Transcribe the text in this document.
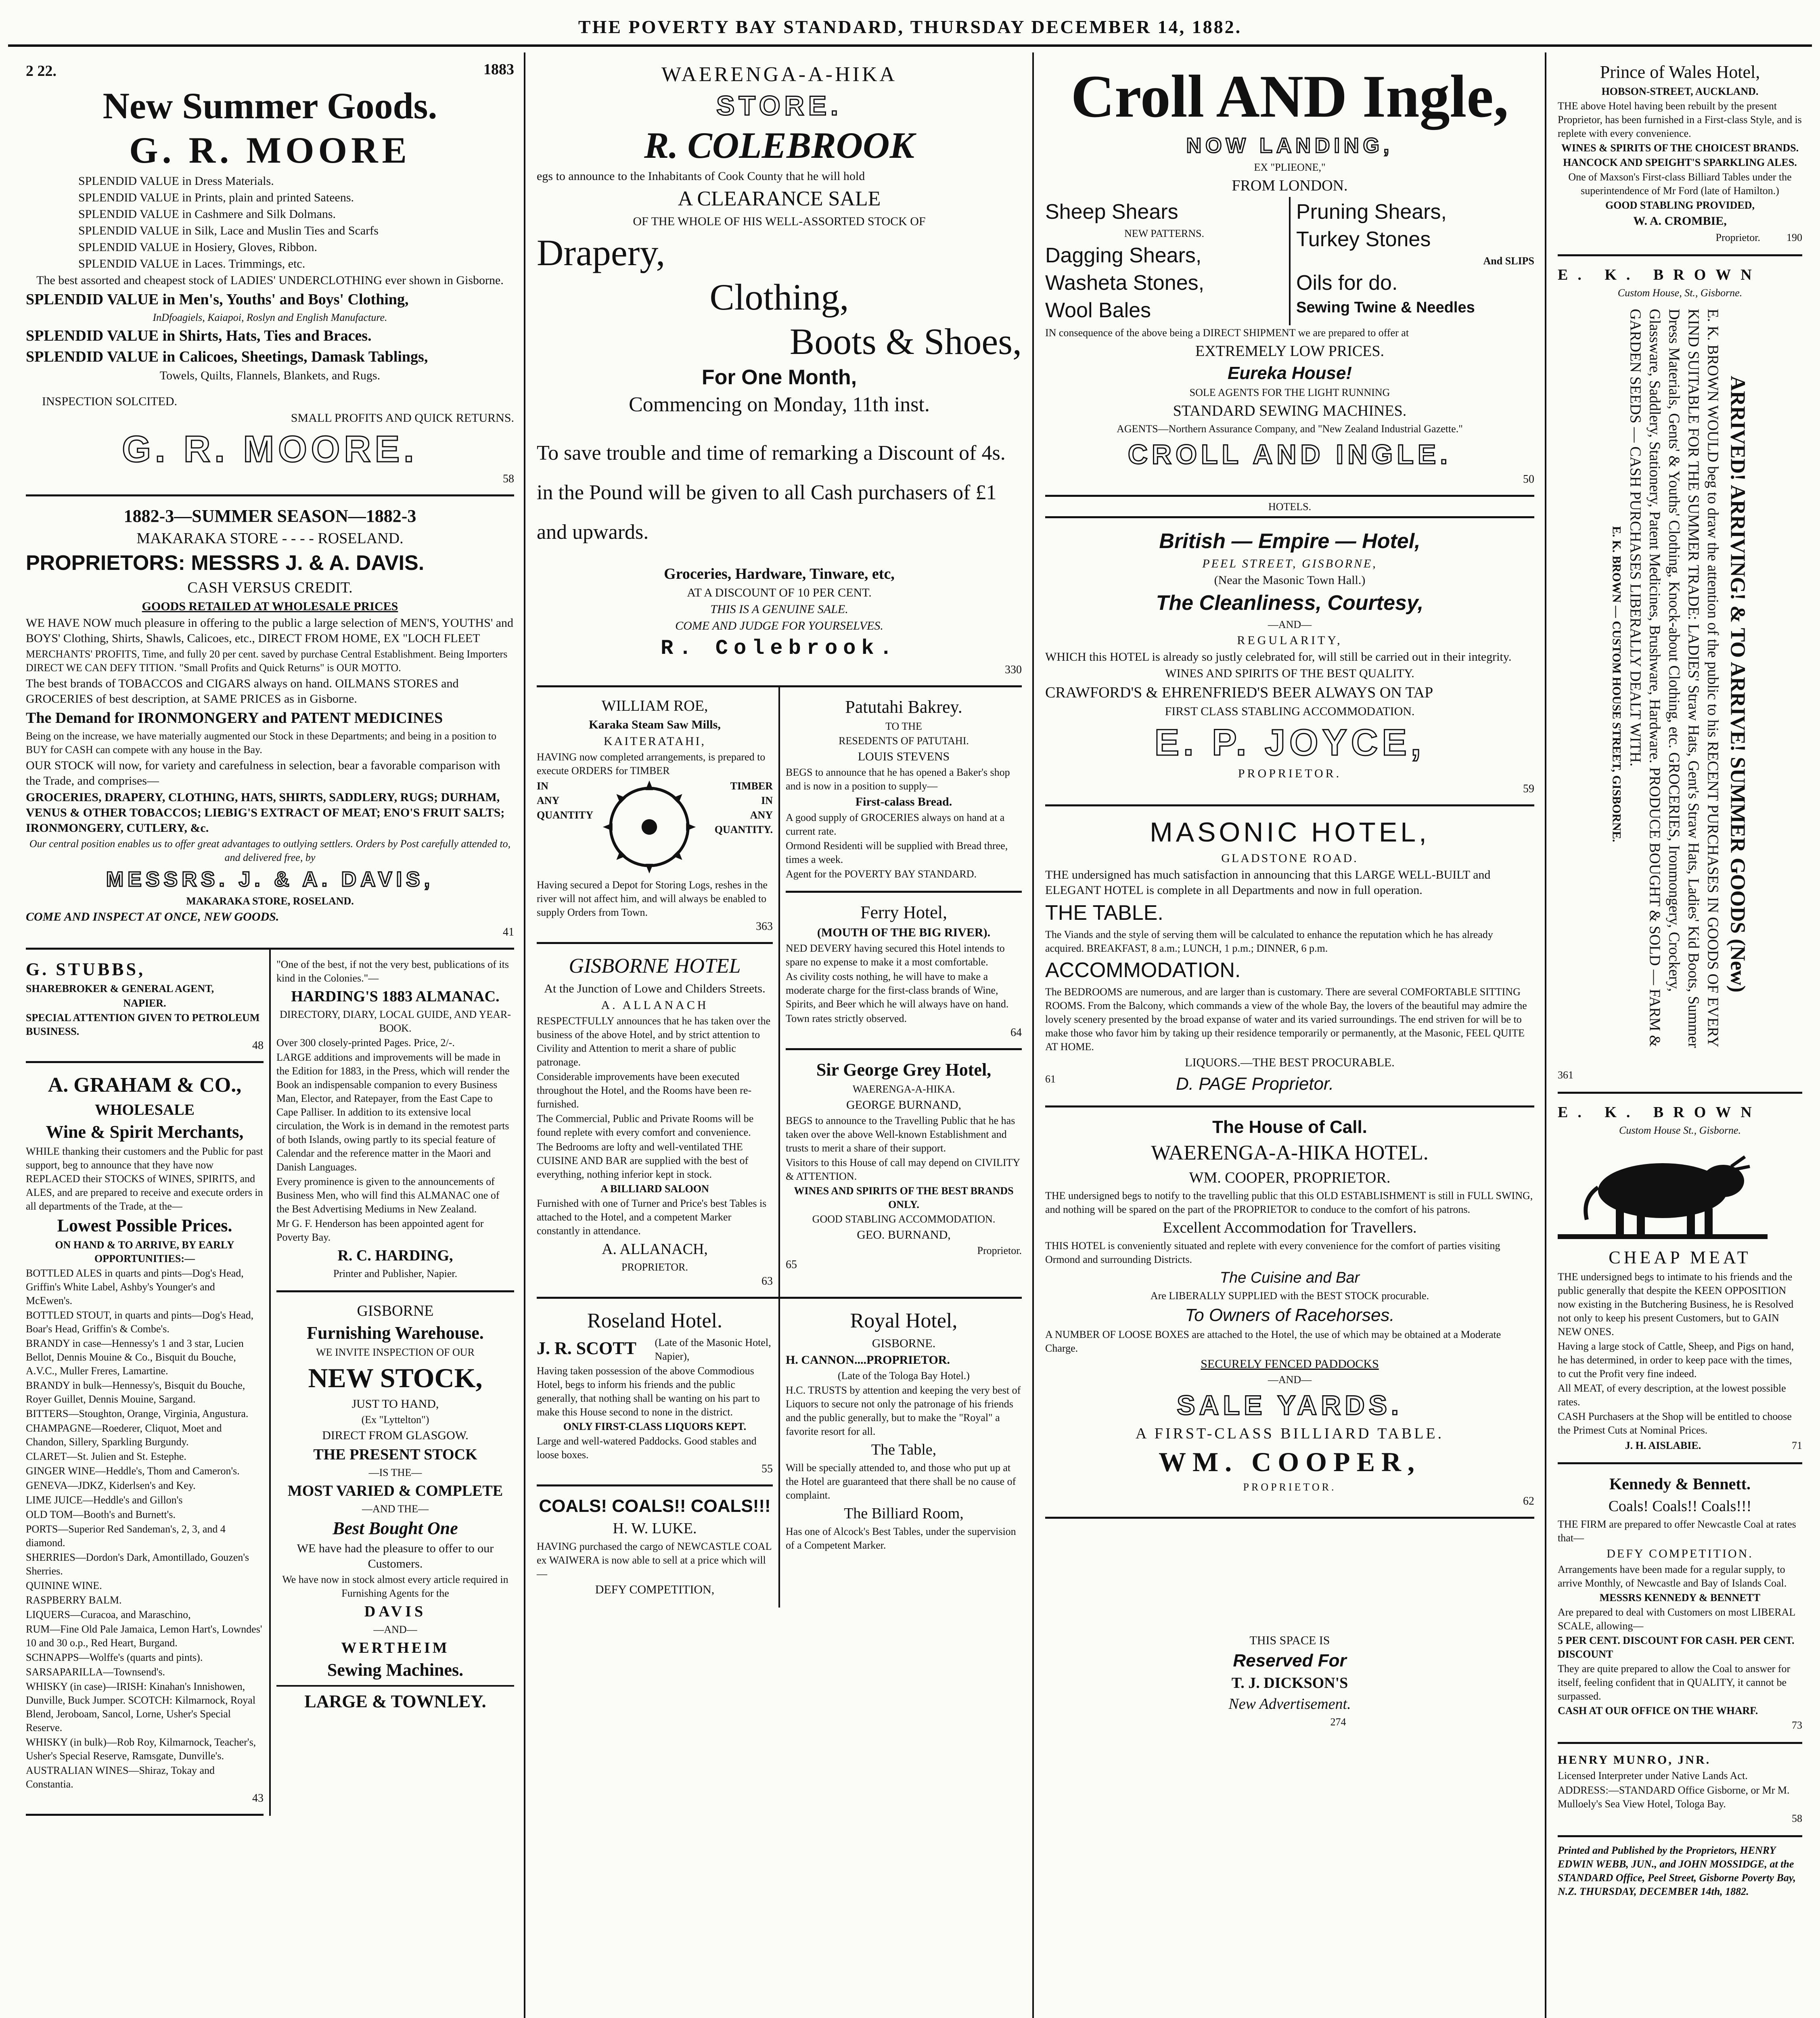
THE POVERTY BAY STANDARD, THURSDAY DECEMBER 14, 1882.
2 22.	1883
New Summer Goods.
G. R. MOORE
SPLENDID VALUE in Dress Materials.
SPLENDID VALUE in Prints, plain and printed Sateens.
SPLENDID VALUE in Cashmere and Silk Dolmans.
SPLENDID VALUE in Silk, Lace and Muslin Ties and Scarfs
SPLENDID VALUE in Hosiery, Gloves, Ribbon.
SPLENDID VALUE in Laces. Trimmings, etc.
The best assorted and cheapest stock of LADIES' UNDERCLOTHING ever shown in Gisborne.
SPLENDID VALUE in Men's, Youths' and Boys' Clothing,
InDfoagiels, Kaiapoi, Roslyn and English Manufacture.
SPLENDID VALUE in Shirts, Hats, Ties and Braces.
SPLENDID VALUE in Calicoes, Sheetings, Damask Tablings,
Towels, Quilts, Flannels, Blankets, and Rugs.
INSPECTION SOLCITED.
SMALL PROFITS AND QUICK RETURNS.
G. R. MOORE.
58
1882-3—SUMMER SEASON—1882-3
MAKARAKA STORE - - - - ROSELAND.
PROPRIETORS: MESSRS J. & A. DAVIS.
CASH VERSUS CREDIT.
GOODS RETAILED AT WHOLESALE PRICES
WE HAVE NOW much pleasure in offering to the public a large selection of MEN'S, YOUTHS' and BOYS' Clothing, Shirts, Shawls, Calicoes, etc., DIRECT FROM HOME, EX "LOCH FLEET
MERCHANTS' PROFITS, Time, and fully 20 per cent. saved by purchase Central Establishment. Being Importers DIRECT WE CAN DEFY TITION. "Small Profits and Quick Returns" is OUR MOTTO.
The best brands of TOBACCOS and CIGARS always on hand. OILMANS STORES and GROCERIES of best description, at SAME PRICES as in Gisborne.
The Demand for IRONMONGERY and PATENT MEDICINES
Being on the increase, we have materially augmented our Stock in these Departments; and being in a position to BUY for CASH can compete with any house in the Bay.
OUR STOCK will now, for variety and carefulness in selection, bear a favorable comparison with the Trade, and comprises—
GROCERIES, DRAPERY, CLOTHING, HATS, SHIRTS, SADDLERY, RUGS; DURHAM, VENUS & OTHER TOBACCOS; LIEBIG'S EXTRACT OF MEAT; ENO'S FRUIT SALTS; IRONMONGERY, CUTLERY, &c.
Our central position enables us to offer great advantages to outlying settlers. Orders by Post carefully attended to, and delivered free, by
MESSRS. J. & A. DAVIS,
MAKARAKA STORE, ROSELAND.
COME AND INSPECT AT ONCE, NEW GOODS.
41
G. STUBBS,
SHAREBROKER & GENERAL AGENT,
NAPIER.
SPECIAL ATTENTION GIVEN TO PETROLEUM BUSINESS.
48
A. GRAHAM & CO.,
WHOLESALE
Wine & Spirit Merchants,
WHILE thanking their customers and the Public for past support, beg to announce that they have now REPLACED their STOCKS of WINES, SPIRITS, and ALES, and are prepared to receive and execute orders in all departments of the Trade, at the—
Lowest Possible Prices.
ON HAND & TO ARRIVE, BY EARLY OPPORTUNITIES:—
BOTTLED ALES in quarts and pints—Dog's Head, Griffin's White Label, Ashby's Younger's and McEwen's.
BOTTLED STOUT, in quarts and pints—Dog's Head, Boar's Head, Griffin's & Combe's.
BRANDY in case—Hennessy's 1 and 3 star, Lucien Bellot, Dennis Mouine & Co., Bisquit du Bouche, A.V.C., Muller Freres, Lamartine.
BRANDY in bulk—Hennessy's, Bisquit du Bouche, Royer Guillet, Dennis Mouine, Sargand.
BITTERS—Stoughton, Orange, Virginia, Angustura.
CHAMPAGNE—Roederer, Cliquot, Moet and Chandon, Sillery, Sparkling Burgundy.
CLARET—St. Julien and St. Estephe.
GINGER WINE—Heddle's, Thom and Cameron's.
GENEVA—JDKZ, Kiderlsen's and Key.
LIME JUICE—Heddle's and Gillon's
OLD TOM—Booth's and Burnett's.
PORTS—Superior Red Sandeman's, 2, 3, and 4 diamond.
SHERRIES—Dordon's Dark, Amontillado, Gouzen's Sherries.
QUININE WINE.
RASPBERRY BALM.
LIQUERS—Curacoa, and Maraschino,
RUM—Fine Old Pale Jamaica, Lemon Hart's, Lowndes' 10 and 30 o.p., Red Heart, Burgand.
SCHNAPPS—Wolffe's (quarts and pints).
SARSAPARILLA—Townsend's.
WHISKY (in case)—IRISH: Kinahan's Innishowen, Dunville, Buck Jumper. SCOTCH: Kilmarnock, Royal Blend, Jeroboam, Sancol, Lorne, Usher's Special Reserve.
WHISKY (in bulk)—Rob Roy, Kilmarnock, Teacher's, Usher's Special Reserve, Ramsgate, Dunville's.
AUSTRALIAN WINES—Shiraz, Tokay and Constantia.
43
"One of the best, if not the very best, publications of its kind in the Colonies."—
HARDING'S 1883 ALMANAC.
DIRECTORY, DIARY, LOCAL GUIDE, AND YEAR-BOOK.
Over 300 closely-printed Pages. Price, 2/-.
LARGE additions and improvements will be made in the Edition for 1883, in the Press, which will render the Book an indispensable companion to every Business Man, Elector, and Ratepayer, from the East Cape to Cape Palliser. In addition to its extensive local circulation, the Work is in demand in the remotest parts of both Islands, owing partly to its special feature of Calendar and the reference matter in the Maori and Danish Languages.
Every prominence is given to the announcements of Business Men, who will find this ALMANAC one of the Best Advertising Mediums in New Zealand.
Mr G. F. Henderson has been appointed agent for Poverty Bay.
R. C. HARDING,
Printer and Publisher, Napier.
GISBORNE
Furnishing Warehouse.
WE INVITE INSPECTION OF OUR
NEW STOCK,
JUST TO HAND,
(Ex "Lyttelton")
DIRECT FROM GLASGOW.
THE PRESENT STOCK
—IS THE—
MOST VARIED & COMPLETE
—AND THE—
Best Bought One
WE have had the pleasure to offer to our Customers.
We have now in stock almost every article required in Furnishing Agents for the
DAVIS
—AND—
WERTHEIM
Sewing Machines.
LARGE & TOWNLEY.
WAERENGA-A-HIKA
STORE.
R. COLEBROOK
egs to announce to the Inhabitants of Cook County that he will hold
A CLEARANCE SALE
OF THE WHOLE OF HIS WELL-ASSORTED STOCK OF
Drapery,
Clothing,
Boots & Shoes,
For One Month,
Commencing on Monday, 11th inst.
To save trouble and time of remarking a Discount of 4s. in the Pound will be given to all Cash purchasers of £1 and upwards.
Groceries, Hardware, Tinware, etc,
AT A DISCOUNT OF 10 PER CENT.
THIS IS A GENUINE SALE.
COME AND JUDGE FOR YOURSELVES.
R. Colebrook.
330
WILLIAM ROE,
Karaka Steam Saw Mills,
KAITERATAHI,
HAVING now completed arrangements, is prepared to execute ORDERS for TIMBER
IN
ANY
QUANTITY
TIMBER
IN
ANY
QUANTITY.
Having secured a Depot for Storing Logs, reshes in the river will not affect him, and will always be enabled to supply Orders from Town.
363
GISBORNE HOTEL
At the Junction of Lowe and Childers Streets.
A. ALLANACH
RESPECTFULLY announces that he has taken over the business of the above Hotel, and by strict attention to Civility and Attention to merit a share of public patronage.
Considerable improvements have been executed throughout the Hotel, and the Rooms have been re-furnished.
The Commercial, Public and Private Rooms will be found replete with every comfort and convenience.
The Bedrooms are lofty and well-ventilated THE CUISINE AND BAR are supplied with the best of everything, nothing inferior kept in stock.
A BILLIARD SALOON
Furnished with one of Turner and Price's best Tables is attached to the Hotel, and a competent Marker constantly in attendance.
A. ALLANACH,
PROPRIETOR.
63
Patutahi Bakrey.
TO THE
RESEDENTS OF PATUTAHI.
LOUIS STEVENS
BEGS to announce that he has opened a Baker's shop and is now in a position to supply—
First-calass Bread.
A good supply of GROCERIES always on hand at a current rate.
Ormond Residenti will be supplied with Bread three, times a week.
Agent for the POVERTY BAY STANDARD.
Ferry Hotel,
(MOUTH OF THE BIG RIVER).
NED DEVERY having secured this Hotel intends to spare no expense to make it a most comfortable.
As civility costs nothing, he will have to make a moderate charge for the first-class brands of Wine, Spirits, and Beer which he will always have on hand.
Town rates strictly observed.
64
Sir George Grey Hotel,
WAERENGA-A-HIKA.
GEORGE BURNAND,
BEGS to announce to the Travelling Public that he has taken over the above Well-known Establishment and trusts to merit a share of their support.
Visitors to this House of call may depend on CIVILITY & ATTENTION.
WINES AND SPIRITS OF THE BEST BRANDS ONLY.
GOOD STABLING ACCOMMODATION.
GEO. BURNAND,
Proprietor.
65
Roseland Hotel.
J. R. SCOTT	(Late of the Masonic Hotel, Napier),
Having taken possession of the above Commodious Hotel, begs to inform his friends and the public generally, that nothing shall be wanting on his part to make this House second to none in the district.
ONLY FIRST-CLASS LIQUORS KEPT.
Large and well-watered Paddocks. Good stables and loose boxes.
55
COALS! COALS!! COALS!!!
H. W. LUKE.
HAVING purchased the cargo of NEWCASTLE COAL ex WAIWERA is now able to sell at a price which will—
DEFY COMPETITION,
Royal Hotel,
GISBORNE.
H. CANNON....PROPRIETOR.
(Late of the Tologa Bay Hotel.)
H.C. TRUSTS by attention and keeping the very best of Liquors to secure not only the patronage of his friends and the public generally, but to make the "Royal" a favorite resort for all.
The Table,
Will be specially attended to, and those who put up at the Hotel are guaranteed that there shall be no cause of complaint.
The Billiard Room,
Has one of Alcock's Best Tables, under the supervision of a Competent Marker.
Croll AND Ingle,
NOW LANDING,
EX "PLIEONE,"
FROM LONDON.
Sheep Shears
NEW PATTERNS.
Dagging Shears,
Washeta Stones,
Wool Bales
Pruning Shears,
Turkey Stones
And SLIPS
Oils for do.
Sewing Twine & Needles
IN consequence of the above being a DIRECT SHIPMENT we are prepared to offer at
EXTREMELY LOW PRICES.
Eureka House!
SOLE AGENTS FOR THE LIGHT RUNNING
STANDARD SEWING MACHINES.
AGENTS—Northern Assurance Company, and "New Zealand Industrial Gazette."
CROLL AND INGLE.
50
HOTELS.
British — Empire — Hotel,
PEEL STREET, GISBORNE,
(Near the Masonic Town Hall.)
The Cleanliness, Courtesy,
—AND—
REGULARITY,
WHICH this HOTEL is already so justly celebrated for, will still be carried out in their integrity.
WINES AND SPIRITS OF THE BEST QUALITY.
CRAWFORD'S & EHRENFRIED'S BEER ALWAYS ON TAP
FIRST CLASS STABLING ACCOMMODATION.
E. P. JOYCE,
PROPRIETOR.
59
MASONIC HOTEL,
GLADSTONE ROAD.
THE undersigned has much satisfaction in announcing that this LARGE WELL-BUILT and ELEGANT HOTEL is complete in all Departments and now in full operation.
THE TABLE.
The Viands and the style of serving them will be calculated to enhance the reputation which he has already acquired. BREAKFAST, 8 a.m.; LUNCH, 1 p.m.; DINNER, 6 p.m.
ACCOMMODATION.
The BEDROOMS are numerous, and are larger than is customary. There are several COMFORTABLE SITTING ROOMS. From the Balcony, which commands a view of the whole Bay, the lovers of the beautiful may admire the lovely scenery presented by the broad expanse of water and its varied surroundings. The end striven for will be to make those who favor him by taking up their residence temporarily or permanently, at the Masonic, FEEL QUITE AT HOME.
LIQUORS.—THE BEST PROCURABLE.
61	D. PAGE Proprietor.
The House of Call.
WAERENGA-A-HIKA HOTEL.
WM. COOPER, PROPRIETOR.
THE undersigned begs to notify to the travelling public that this OLD ESTABLISHMENT is still in FULL SWING, and nothing will be spared on the part of the PROPRIETOR to conduce to the comfort of his patrons.
Excellent Accommodation for Travellers.
THIS HOTEL is conveniently situated and replete with every convenience for the comfort of parties visiting Ormond and surrounding Districts.
The Cuisine and Bar
Are LIBERALLY SUPPLIED with the BEST STOCK procurable.
To Owners of Racehorses.
A NUMBER OF LOOSE BOXES are attached to the Hotel, the use of which may be obtained at a Moderate Charge.
SECURELY FENCED PADDOCKS
—AND—
SALE YARDS.
A FIRST-CLASS BILLIARD TABLE.
WM. COOPER,
PROPRIETOR.
62
THIS SPACE IS
Reserved For
T. J. DICKSON'S
New Advertisement.
274
Prince of Wales Hotel,
HOBSON-STREET, AUCKLAND.
THE above Hotel having been rebuilt by the present Proprietor, has been furnished in a First-class Style, and is replete with every convenience.
WINES & SPIRITS OF THE CHOICEST BRANDS.
HANCOCK AND SPEIGHT'S SPARKLING ALES.
One of Maxson's First-class Billiard Tables under the superintendence of Mr Ford (late of Hamilton.)
GOOD STABLING PROVIDED,
W. A. CROMBIE,
Proprietor.	190
E. K. BROWN
Custom House, St., Gisborne.
ARRIVED! ARRIVING! & TO ARRIVE! SUMMER GOODS (New)
E. K. BROWN WOULD beg to draw the attention of the public to his RECENT PURCHASES IN GOODS OF EVERY KIND SUITABLE FOR THE SUMMER TRADE: LADIES' Straw Hats, Gent's Straw Hats, Ladies' Kid Boots, Summer Dress Materials, Gents' & Youths' Clothing, Knock-about Clothing, etc. GROCERIES, Ironmongery, Crockery, Glassware, Saddlery, Stationery, Patent Medicines, Brushware, Hardware. PRODUCE BOUGHT & SOLD — FARM & GARDEN SEEDS — CASH PURCHASES LIBERALLY DEALT WITH.
E. K. BROWN — CUSTOM HOUSE STREET, GISBORNE.
361
E. K. BROWN
Custom House St., Gisborne.
CHEAP MEAT
THE undersigned begs to intimate to his friends and the public generally that despite the KEEN OPPOSITION now existing in the Butchering Business, he is Resolved not only to keep his present Customers, but to GAIN NEW ONES.
Having a large stock of Cattle, Sheep, and Pigs on hand, he has determined, in order to keep pace with the times, to cut the Profit very fine indeed.
All MEAT, of every description, at the lowest possible rates.
CASH Purchasers at the Shop will be entitled to choose the Primest Cuts at Nominal Prices.
J. H. AISLABIE.	71
Kennedy & Bennett.
Coals! Coals!! Coals!!!
THE FIRM are prepared to offer Newcastle Coal at rates that—
DEFY COMPETITION.
Arrangements have been made for a regular supply, to arrive Monthly, of Newcastle and Bay of Islands Coal.
MESSRS KENNEDY & BENNETT
Are prepared to deal with Customers on most LIBERAL SCALE, allowing—
5 PER CENT. DISCOUNT FOR CASH. PER CENT. DISCOUNT
They are quite prepared to allow the Coal to answer for itself, feeling confident that in QUALITY, it cannot be surpassed.
CASH AT OUR OFFICE ON THE WHARF.
73
HENRY MUNRO, JNR.
Licensed Interpreter under Native Lands Act.
ADDRESS:—STANDARD Office Gisborne, or Mr M. Mulloely's Sea View Hotel, Tologa Bay.
58
Printed and Published by the Proprietors, HENRY EDWIN WEBB, JUN., and JOHN MOSSIDGE, at the STANDARD Office, Peel Street, Gisborne Poverty Bay, N.Z. THURSDAY, DECEMBER 14th, 1882.
